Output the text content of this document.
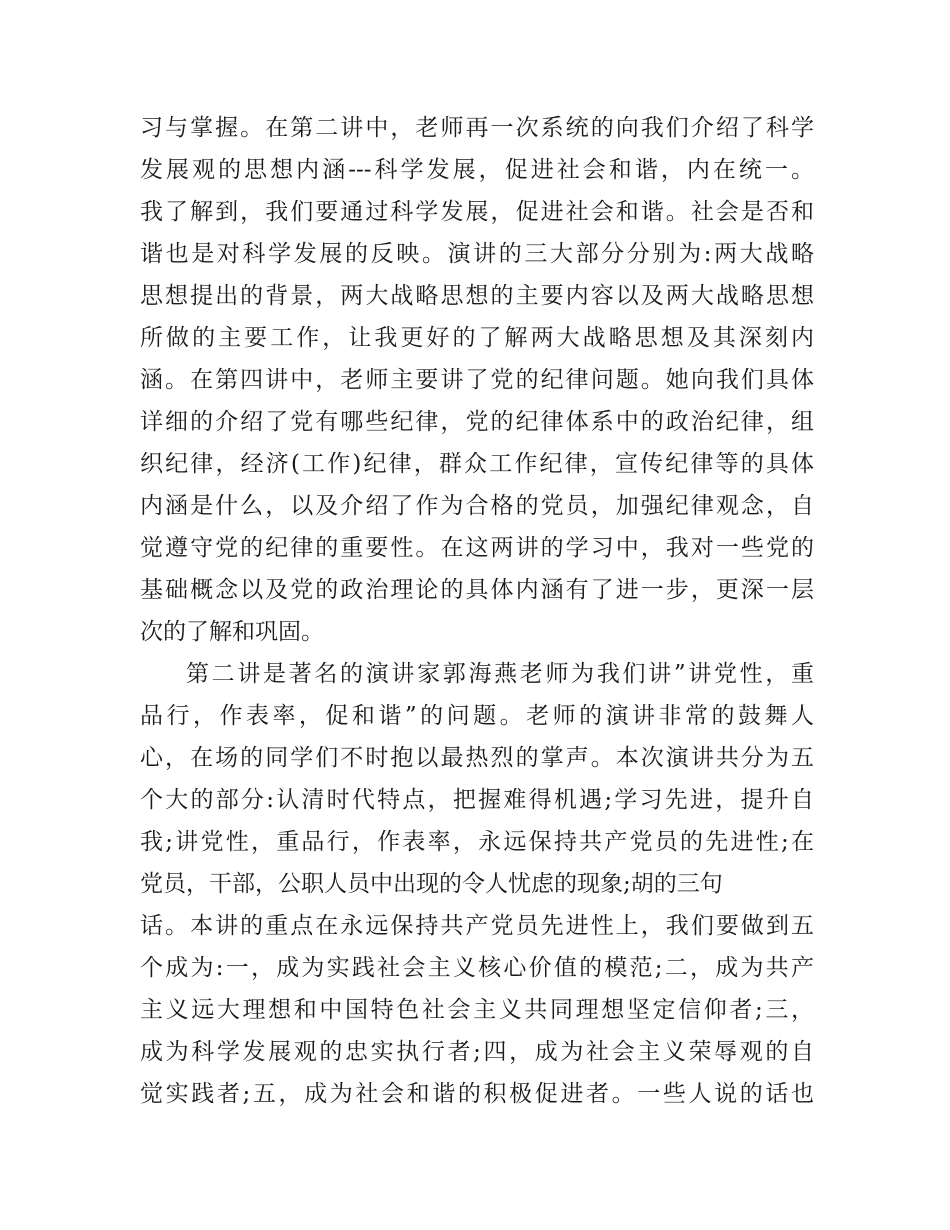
习与掌握。在第二讲中，老师再一次系统的向我们介绍了科学
发展观的思想内涵---科学发展，促进社会和谐，内在统一。
我了解到，我们要通过科学发展，促进社会和谐。社会是否和
谐也是对科学发展的反映。演讲的三大部分分别为:两大战略
思想提出的背景，两大战略思想的主要内容以及两大战略思想
所做的主要工作，让我更好的了解两大战略思想及其深刻内
涵。在第四讲中，老师主要讲了党的纪律问题。她向我们具体
详细的介绍了党有哪些纪律，党的纪律体系中的政治纪律，组
织纪律，经济(工作)纪律，群众工作纪律，宣传纪律等的具体
内涵是什么，以及介绍了作为合格的党员，加强纪律观念，自
觉遵守党的纪律的重要性。在这两讲的学习中，我对一些党的
基础概念以及党的政治理论的具体内涵有了进一步，更深一层
次的了解和巩固。
第二讲是著名的演讲家郭海燕老师为我们讲”讲党性，重
品行，作表率，促和谐”的问题。老师的演讲非常的鼓舞人
心，在场的同学们不时抱以最热烈的掌声。本次演讲共分为五
个大的部分:认清时代特点，把握难得机遇;学习先进，提升自
我;讲党性，重品行，作表率，永远保持共产党员的先进性;在
党员，干部，公职人员中出现的令人忧虑的现象;胡的三句
话。本讲的重点在永远保持共产党员先进性上，我们要做到五
个成为:一，成为实践社会主义核心价值的模范;二，成为共产
主义远大理想和中国特色社会主义共同理想坚定信仰者;三，
成为科学发展观的忠实执行者;四，成为社会主义荣辱观的自
觉实践者;五，成为社会和谐的积极促进者。一些人说的话也
